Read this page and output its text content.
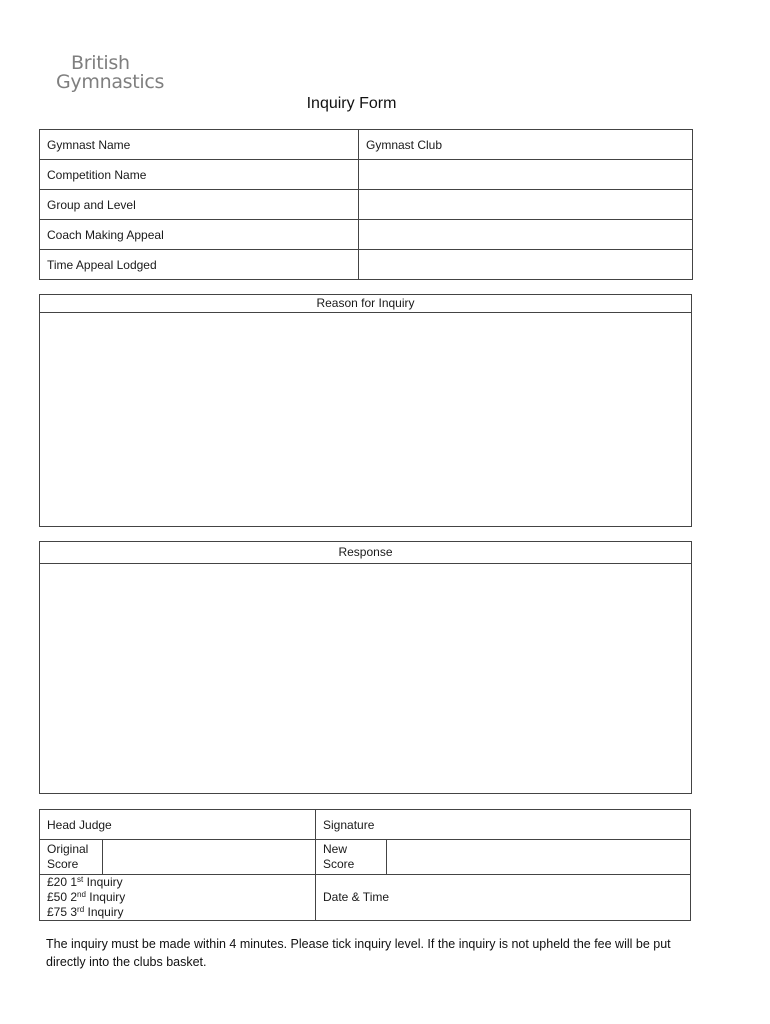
British
Gymnastics
Inquiry Form
Gymnast Name	Gymnast Club
Competition Name	
Group and Level	
Coach Making Appeal	
Time Appeal Lodged	
Reason for Inquiry
Response
Head Judge		Signature	
Original
Score		New Score	

£20 1st Inquiry
£50 2nd Inquiry
£75 3rd Inquiry		Date & Time	
The inquiry must be made within 4 minutes. Please tick inquiry level. If the inquiry is not upheld the fee will be put
directly into the clubs basket.
